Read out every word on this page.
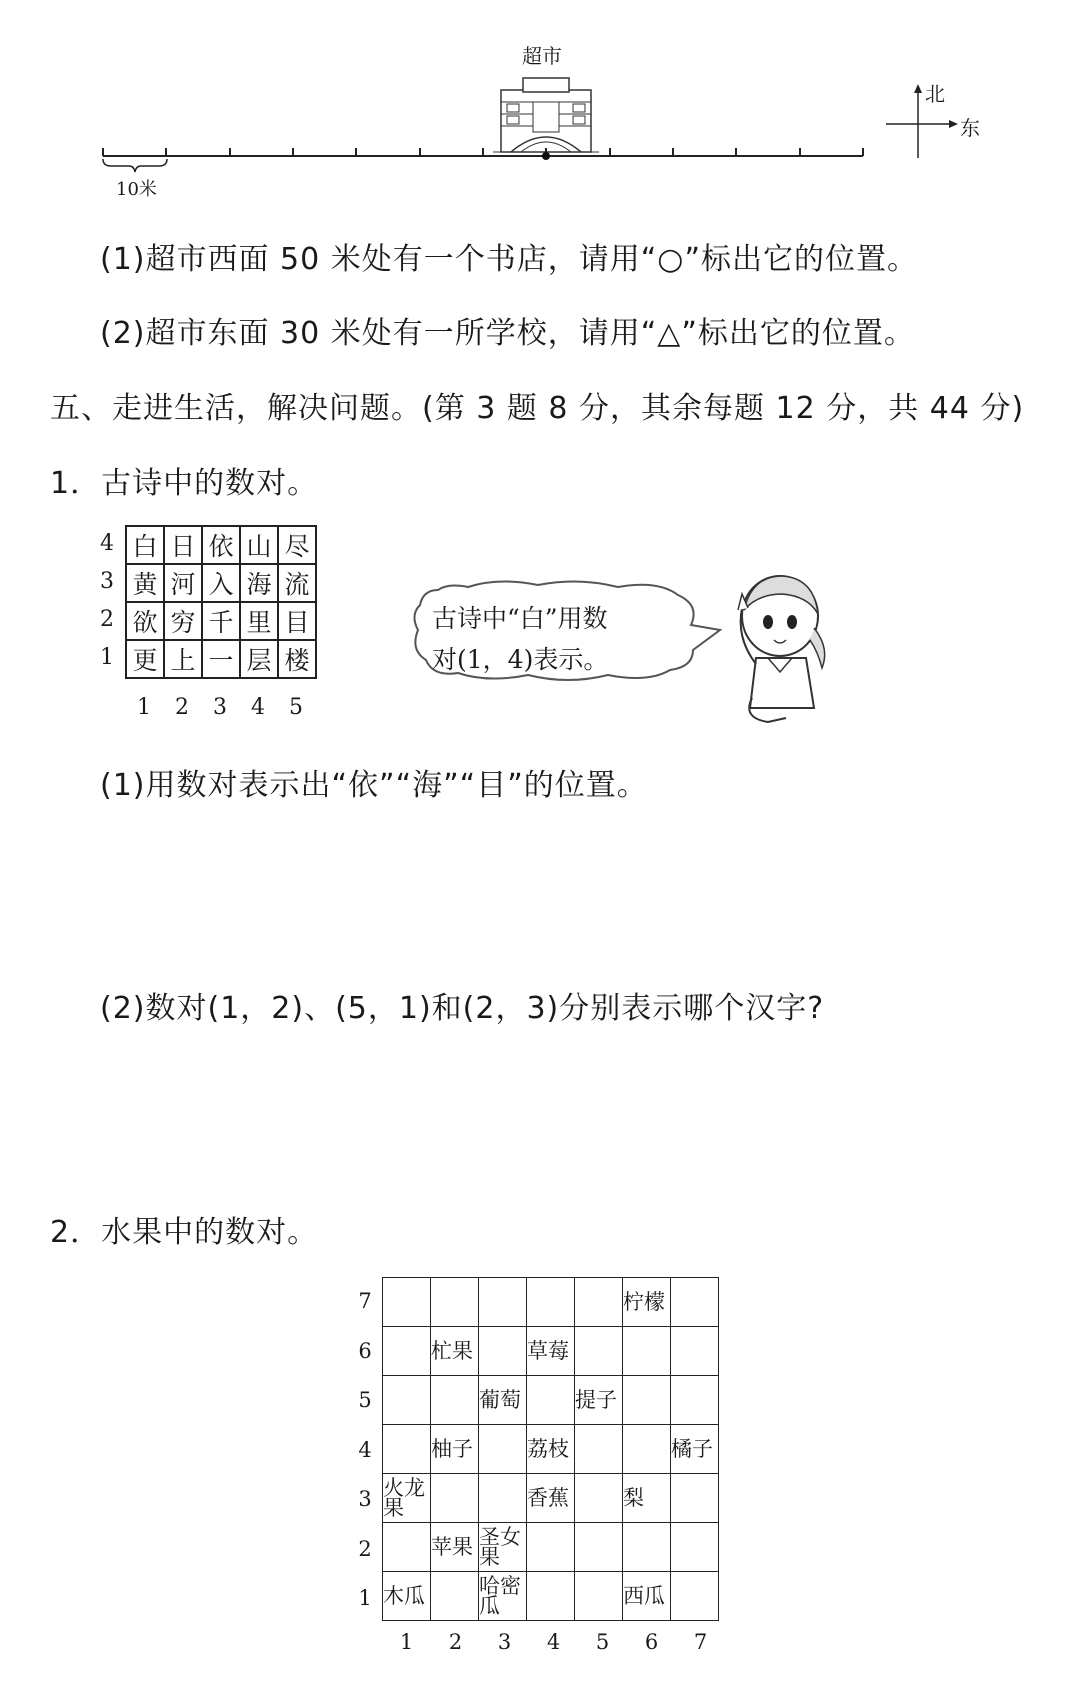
超市
10米
北
东
(1)超市西面 50 米处有一个书店，请用“○”标出它的位置。
(2)超市东面 30 米处有一所学校，请用“△”标出它的位置。
五、走进生活，解决问题。(第 3 题 8 分，其余每题 12 分，共 44 分)
1．古诗中的数对。
4
3
2
1
白	日	依	山	尽
黄	河	入	海	流
欲	穷	千	里	目
更	上	一	层	楼
1	2	3	4	5
古诗中“白”用数
对(1，4)表示。
(1)用数对表示出“依”“海”“目”的位置。
(2)数对(1，2)、(5，1)和(2，3)分别表示哪个汉字?
2．水果中的数对。
7
6
5
4
3
2
1
					柠檬	
	杧果		草莓			
		葡萄		提子		
	柚子		荔枝			橘子
火龙果			香蕉		梨	
	苹果	圣女果				
木瓜		哈密瓜			西瓜	
1	2	3	4	5	6	7
